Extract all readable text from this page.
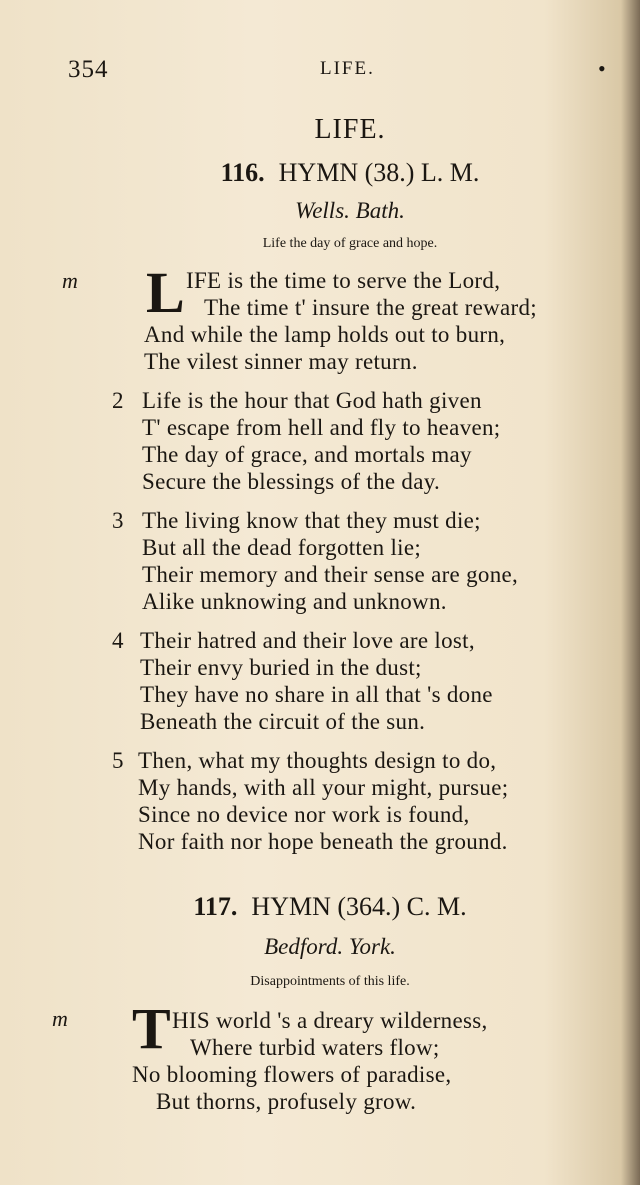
354	LIFE.	•
LIFE.
116. HYMN (38.) L. M.
Wells. Bath.
Life the day of grace and hope.
m L IFE is the time to serve the Lord,
The time t' insure the great reward;
And while the lamp holds out to burn,
The vilest sinner may return.
2 Life is the hour that God hath given
T' escape from hell and fly to heaven;
The day of grace, and mortals may
Secure the blessings of the day.
3 The living know that they must die;
But all the dead forgotten lie;
Their memory and their sense are gone,
Alike unknowing and unknown.
4 Their hatred and their love are lost,
Their envy buried in the dust;
They have no share in all that 's done
Beneath the circuit of the sun.
5 Then, what my thoughts design to do,
My hands, with all your might, pursue;
Since no device nor work is found,
Nor faith nor hope beneath the ground.
117. HYMN (364.) C. M.
Bedford. York.
Disappointments of this life.
m T HIS world 's a dreary wilderness,
Where turbid waters flow;
No blooming flowers of paradise,
But thorns, profusely grow.
